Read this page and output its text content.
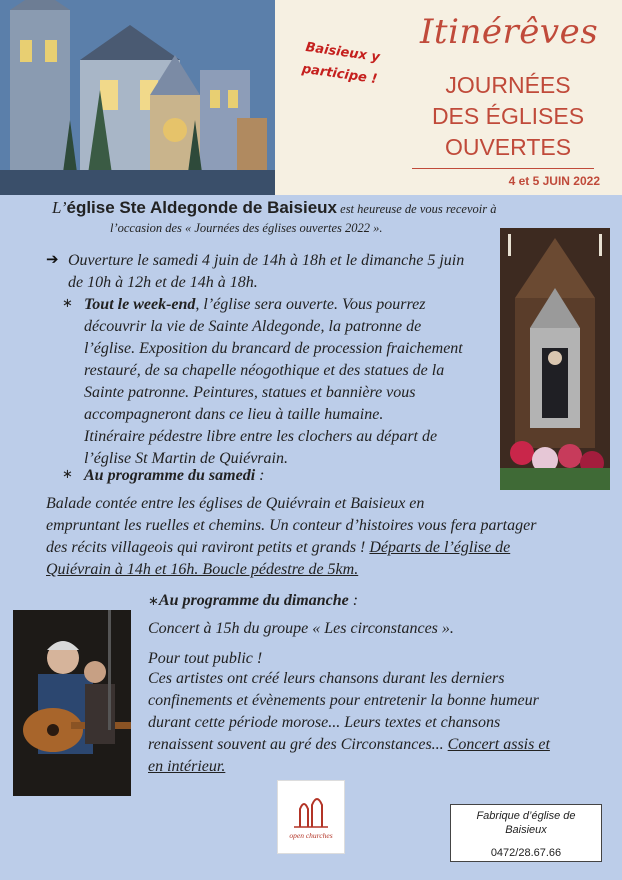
Baisieux y
participe !
Itinérêves
JOURNÉES
DES ÉGLISES
OUVERTES
4 et 5 JUIN 2022
L’église Ste Aldegonde de Baisieux est heureuse de vous recevoir à
l’occasion des « Journées des églises ouvertes 2022 ».
➔ Ouverture le samedi 4 juin de 14h à 18h et le dimanche 5 juin
de 10h à 12h et de 14h à 18h.
∗ Tout le week-end, l’église sera ouverte. Vous pourrez
découvrir la vie de Sainte Aldegonde, la patronne de
l’église. Exposition du brancard de procession fraichement
restauré, de sa chapelle néogothique et des statues de la
Sainte patronne. Peintures, statues et bannière vous
accompagneront dans ce lieu à taille humaine.
Itinéraire pédestre libre entre les clochers au départ de
l’église St Martin de Quiévrain.
∗ Au programme du samedi :
Balade contée entre les églises de Quiévrain et Baisieux en
empruntant les ruelles et chemins. Un conteur d’histoires vous fera partager
des récits villageois qui raviront petits et grands ! Départs de l’église de
Quiévrain à 14h et 16h. Boucle pédestre de 5km.
∗Au programme du dimanche :
Concert à 15h du groupe « Les circonstances ».
Pour tout public !
Ces artistes ont créé leurs chansons durant les derniers
confinements et évènements pour entretenir la bonne humeur
durant cette période morose... Leurs textes et chansons
renaissent souvent au gré des Circonstances... Concert assis et
en intérieur.
open churches
Fabrique d’église de
Baisieux
0472/28.67.66
